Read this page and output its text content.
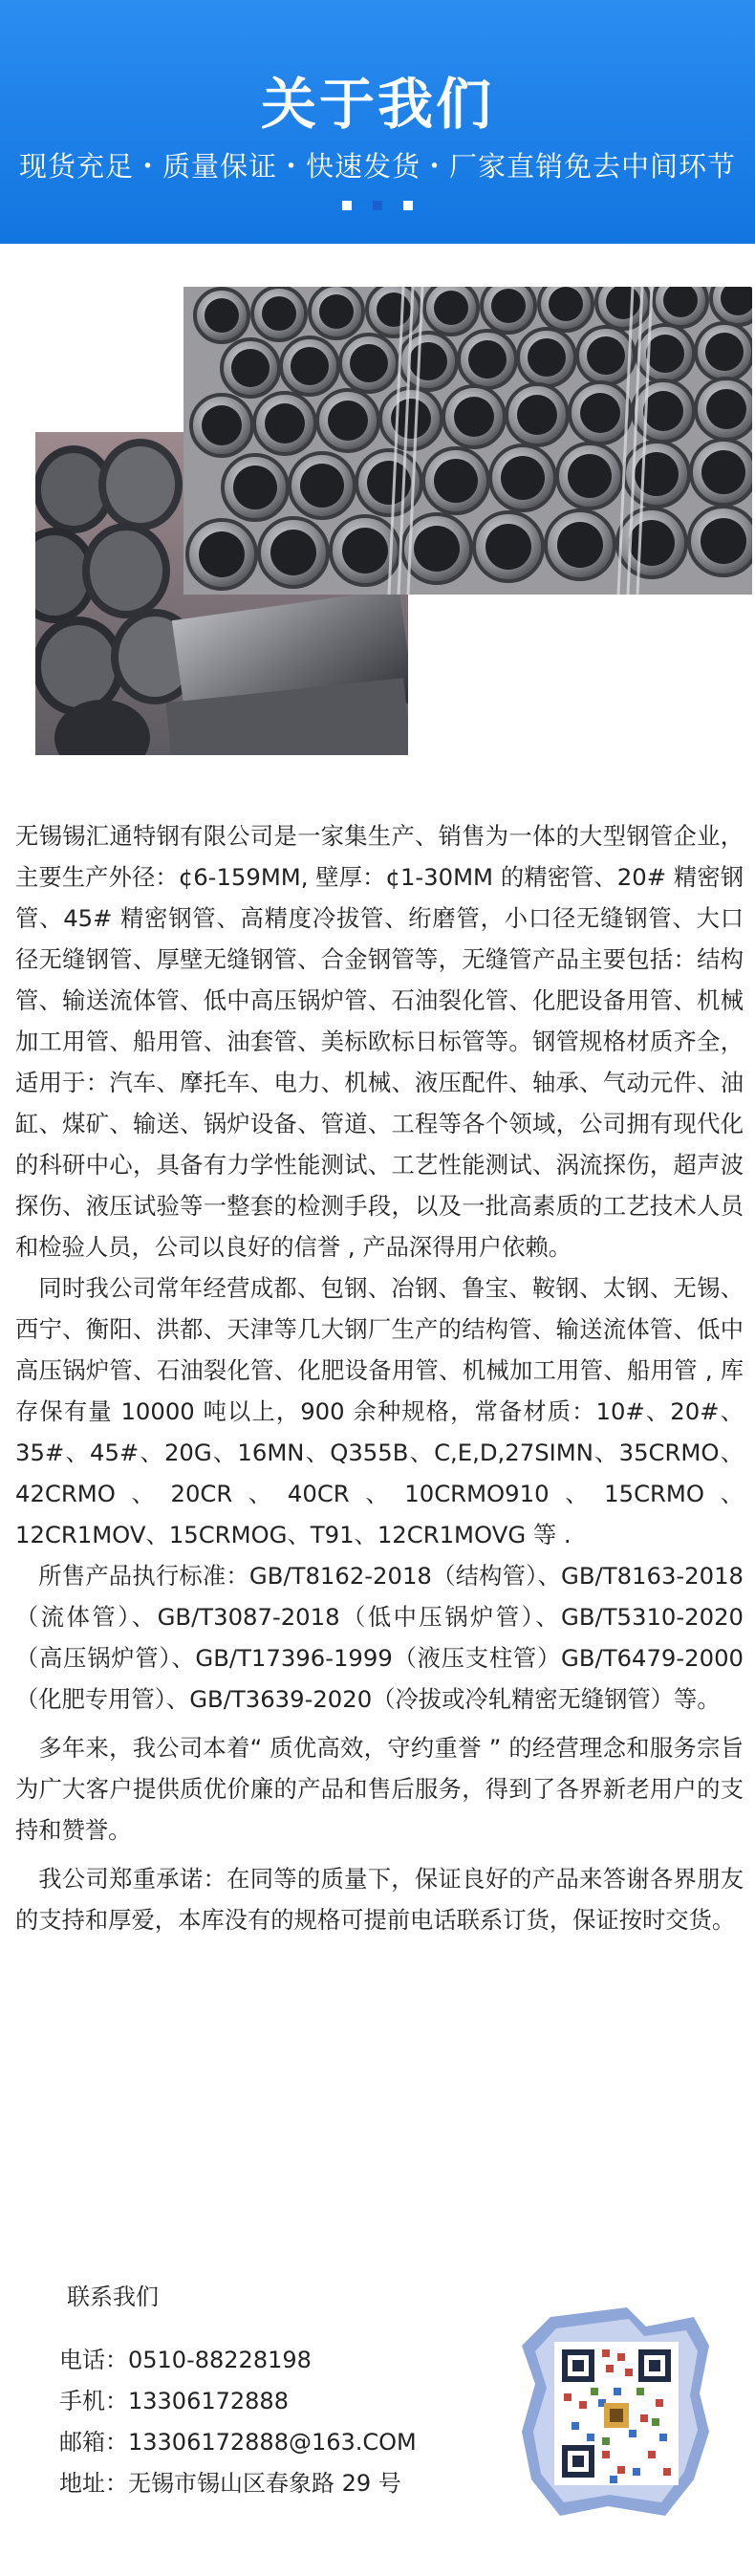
关于我们
现货充足・质量保证・快速发货・厂家直销免去中间环节

无锡锡汇通特钢有限公司是一家集生产、销售为一体的大型钢管企业，主要生产外径：¢6-159MM, 壁厚：¢1-30MM 的精密管、20# 精密钢管、45# 精密钢管、高精度冷拔管、绗磨管，小口径无缝钢管、大口径无缝钢管、厚壁无缝钢管、合金钢管等，无缝管产品主要包括：结构管、输送流体管、低中高压锅炉管、石油裂化管、化肥设备用管、机械加工用管、船用管、油套管、美标欧标日标管等。钢管规格材质齐全，适用于：汽车、摩托车、电力、机械、液压配件、轴承、气动元件、油缸、煤矿、输送、锅炉设备、管道、工程等各个领域，公司拥有现代化的科研中心，具备有力学性能测试、工艺性能测试、涡流探伤，超声波探伤、液压试验等一整套的检测手段，以及一批高素质的工艺技术人员和检验人员，公司以良好的信誉 , 产品深得用户依赖。

同时我公司常年经营成都、包钢、冶钢、鲁宝、鞍钢、太钢、无锡、西宁、衡阳、洪都、天津等几大钢厂生产的结构管、输送流体管、低中高压锅炉管、石油裂化管、化肥设备用管、机械加工用管、船用管 , 库存保有量 10000 吨以上，900 余种规格，常备材质：10#、20#、35#、45#、20G、16MN、Q355B、C,E,D,27SIMN、35CRMO、42CRMO、20CR、40CR、10CRMO910、15CRMO、12CR1MOV、15CRMOG、T91、12CR1MOVG 等 .

所售产品执行标准：GB/T8162-2018（结构管）、GB/T8163-2018（流体管）、GB/T3087-2018（低中压锅炉管）、GB/T5310-2020（高压锅炉管）、GB/T17396-1999（液压支柱管）GB/T6479-2000（化肥专用管）、GB/T3639-2020（冷拔或冷轧精密无缝钢管）等。

多年来，我公司本着“ 质优高效，守约重誉 ” 的经营理念和服务宗旨为广大客户提供质优价廉的产品和售后服务，得到了各界新老用户的支持和赞誉。

我公司郑重承诺：在同等的质量下，保证良好的产品来答谢各界朋友的支持和厚爱，本库没有的规格可提前电话联系订货，保证按时交货。

联系我们
电话：0510-88228198
手机：13306172888
邮箱：13306172888@163.COM
地址：无锡市锡山区春象路 29 号
